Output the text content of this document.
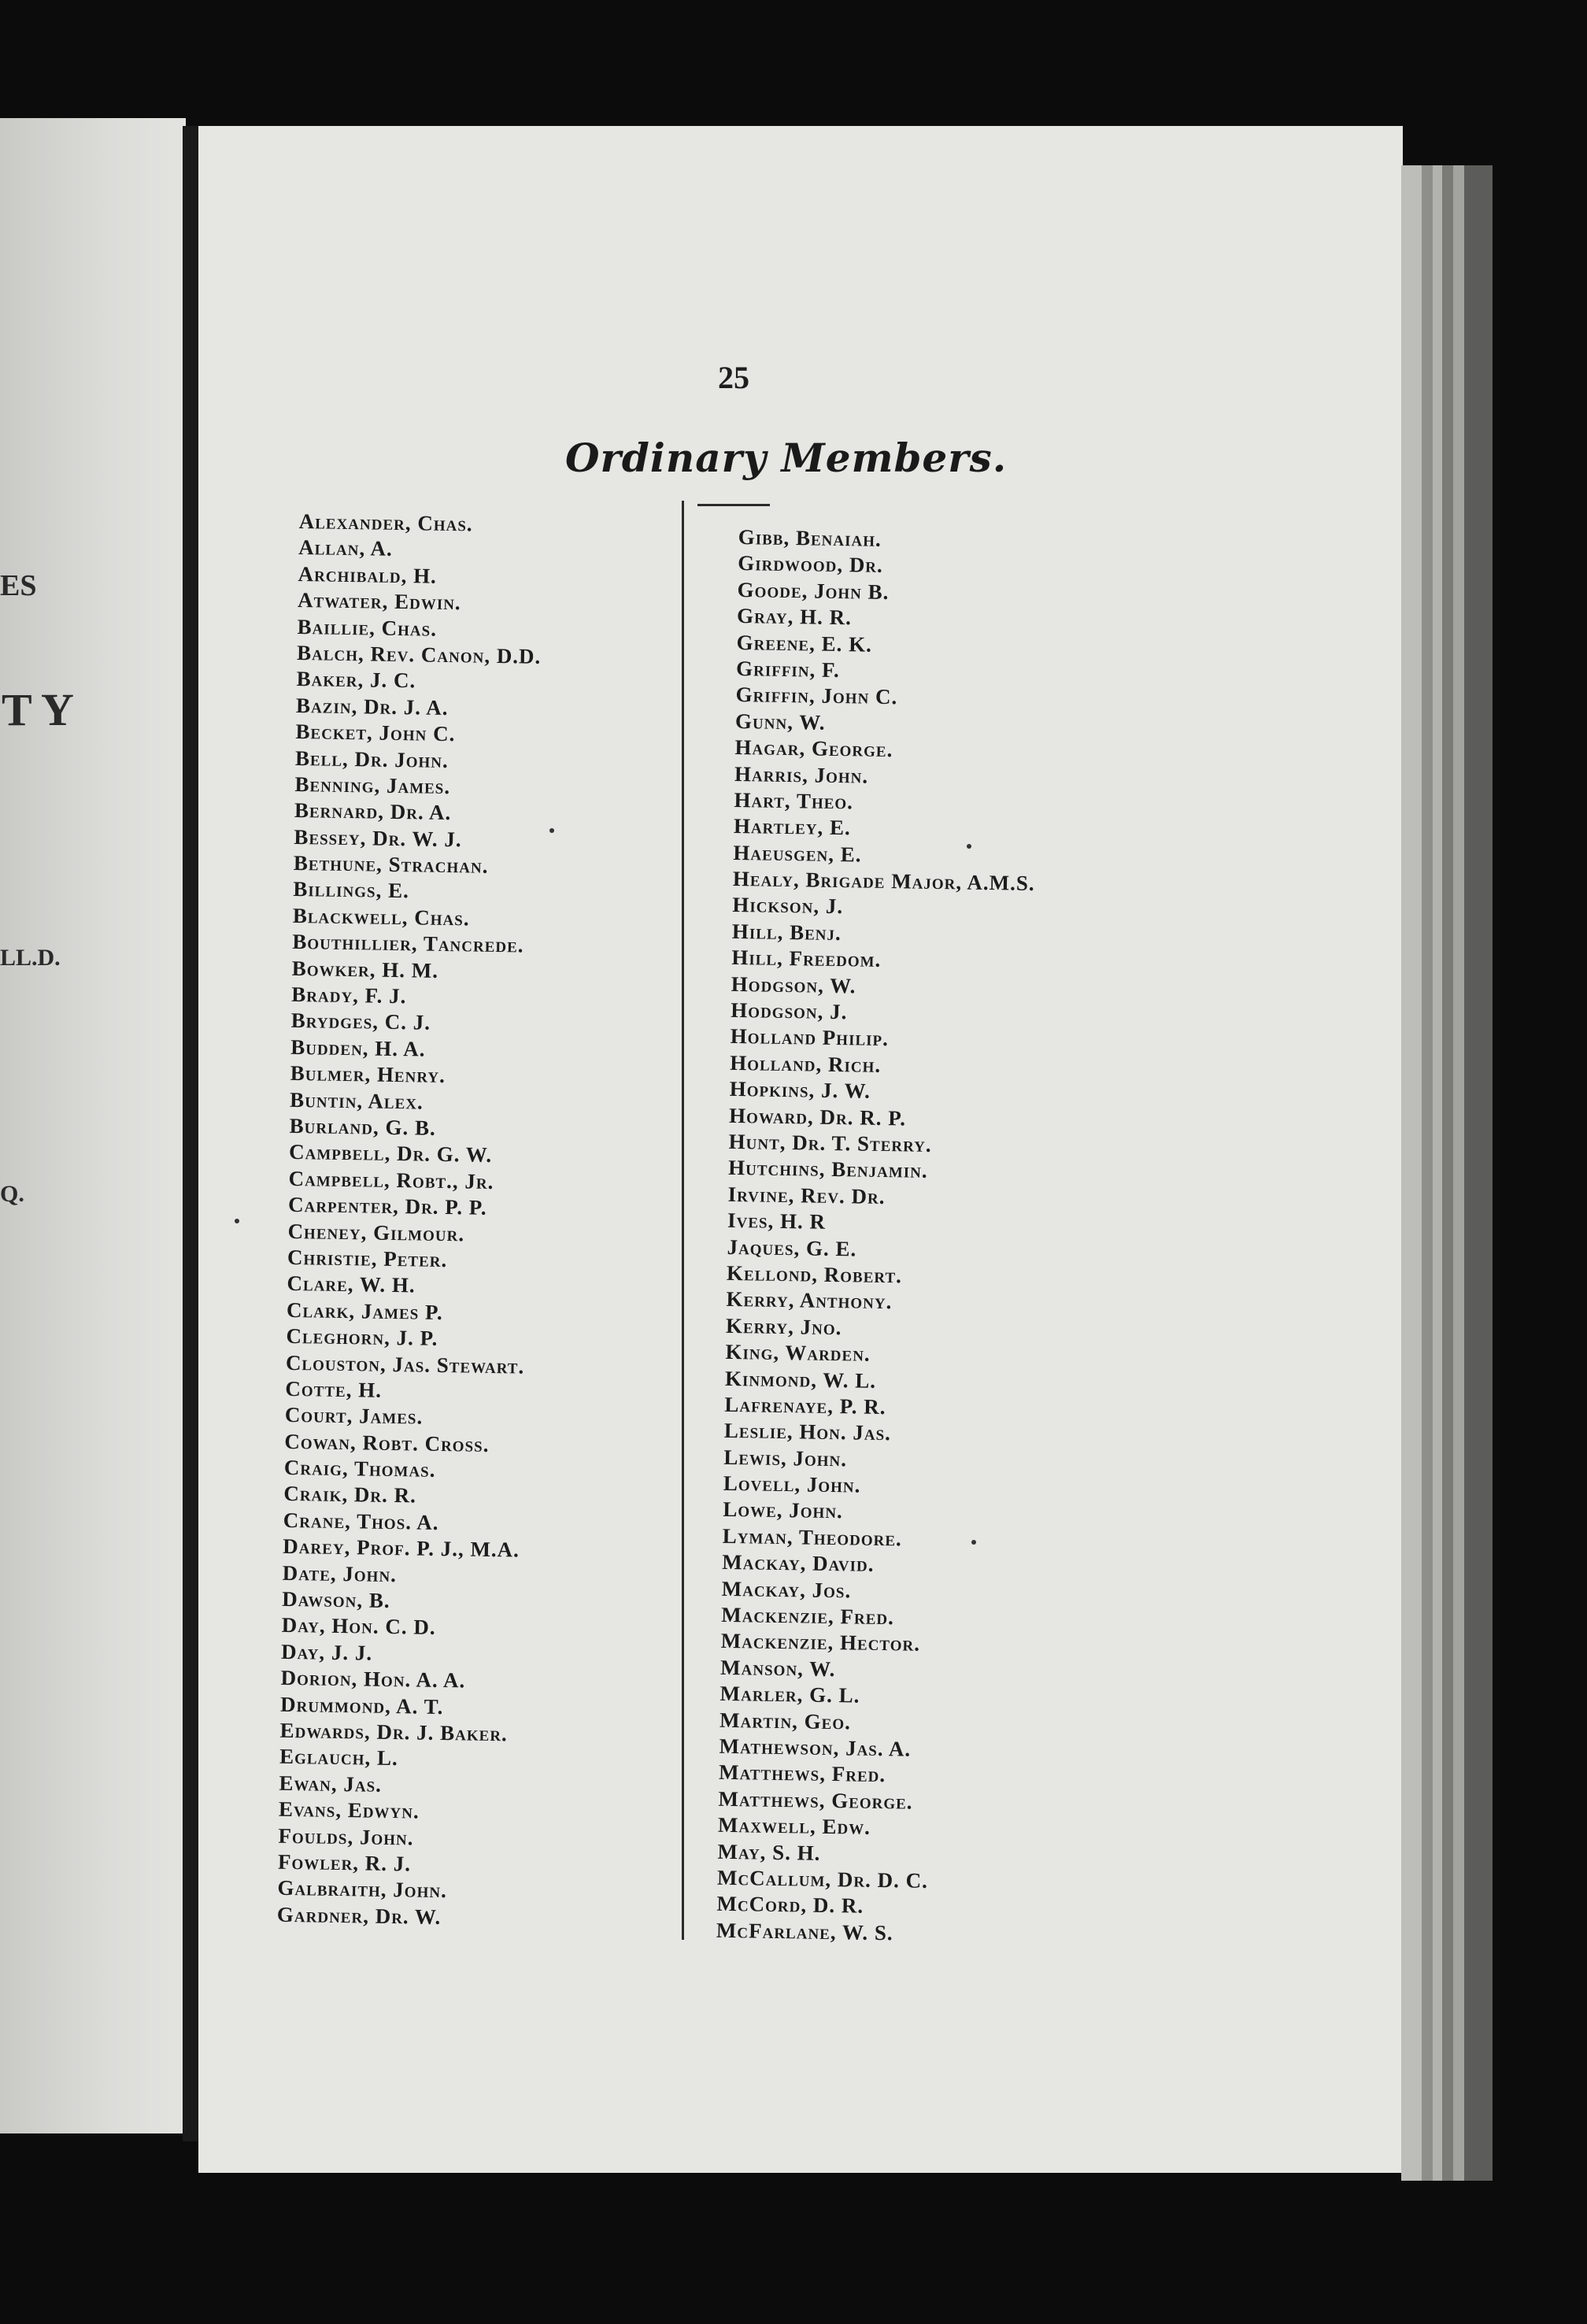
ES
T Y
LL.D.
Q.
25
Ordinary Members.
Alexander, Chas.
Allan, A.
Archibald, H.
Atwater, Edwin.
Baillie, Chas.
Balch, Rev. Canon, D.D.
Baker, J. C.
Bazin, Dr. J. A.
Becket, John C.
Bell, Dr. John.
Benning, James.
Bernard, Dr. A.
Bessey, Dr. W. J.
Bethune, Strachan.
Billings, E.
Blackwell, Chas.
Bouthillier, Tancrede.
Bowker, H. M.
Brady, F. J.
Brydges, C. J.
Budden, H. A.
Bulmer, Henry.
Buntin, Alex.
Burland, G. B.
Campbell, Dr. G. W.
Campbell, Robt., Jr.
Carpenter, Dr. P. P.
Cheney, Gilmour.
Christie, Peter.
Clare, W. H.
Clark, James P.
Cleghorn, J. P.
Clouston, Jas. Stewart.
Cotte, H.
Court, James.
Cowan, Robt. Cross.
Craig, Thomas.
Craik, Dr. R.
Crane, Thos. A.
Darey, Prof. P. J., M.A.
Date, John.
Dawson, B.
Day, Hon. C. D.
Day, J. J.
Dorion, Hon. A. A.
Drummond, A. T.
Edwards, Dr. J. Baker.
Eglauch, L.
Ewan, Jas.
Evans, Edwyn.
Foulds, John.
Fowler, R. J.
Galbraith, John.
Gardner, Dr. W.
Gibb, Benaiah.
Girdwood, Dr.
Goode, John B.
Gray, H. R.
Greene, E. K.
Griffin, F.
Griffin, John C.
Gunn, W.
Hagar, George.
Harris, John.
Hart, Theo.
Hartley, E.
Haeusgen, E.
Healy, Brigade Major, A.M.S.
Hickson, J.
Hill, Benj.
Hill, Freedom.
Hodgson, W.
Hodgson, J.
Holland Philip.
Holland, Rich.
Hopkins, J. W.
Howard, Dr. R. P.
Hunt, Dr. T. Sterry.
Hutchins, Benjamin.
Irvine, Rev. Dr.
Ives, H. R
Jaques, G. E.
Kellond, Robert.
Kerry, Anthony.
Kerry, Jno.
King, Warden.
Kinmond, W. L.
Lafrenaye, P. R.
Leslie, Hon. Jas.
Lewis, John.
Lovell, John.
Lowe, John.
Lyman, Theodore.
Mackay, David.
Mackay, Jos.
Mackenzie, Fred.
Mackenzie, Hector.
Manson, W.
Marler, G. L.
Martin, Geo.
Mathewson, Jas. A.
Matthews, Fred.
Matthews, George.
Maxwell, Edw.
May, S. H.
McCallum, Dr. D. C.
McCord, D. R.
McFarlane, W. S.
